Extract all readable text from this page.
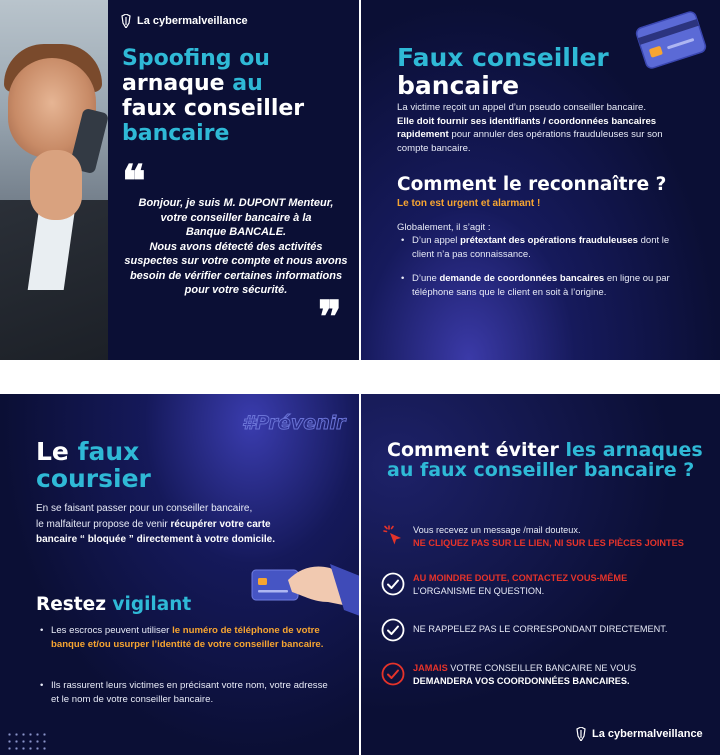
La cybermalveillance
Spoofing ou
arnaque au
faux conseiller
bancaire
❝
Bonjour, je suis M. DUPONT Menteur,
votre conseiller bancaire à la
Banque BANCALE.
Nous avons détecté des activités
suspectes sur votre compte et nous avons
besoin de vérifier certaines informations
pour votre sécurité.
❞
Faux conseiller
bancaire
La victime reçoit un appel d’un pseudo conseiller bancaire.
Elle doit fournir ses identifiants / coordonnées bancaires
rapidement pour annuler des opérations frauduleuses sur son
compte bancaire.
Comment le reconnaître ?
Le ton est urgent et alarmant !
Globalement, il s’agit :
• D’un appel prétextant des opérations frauduleuses dont le client n’a pas connaissance.
• D’une demande de coordonnées bancaires en ligne ou par téléphone sans que le client en soit à l’origine.
#Prévenir
Le faux
coursier
En se faisant passer pour un conseiller bancaire,
le malfaiteur propose de venir récupérer votre carte
bancaire “ bloquée ” directement à votre domicile.
Restez vigilant
• Les escrocs peuvent utiliser le numéro de téléphone de votre banque et/ou usurper l’identité de votre conseiller bancaire.
• Ils rassurent leurs victimes en précisant votre nom, votre adresse et le nom de votre conseiller bancaire.
Comment éviter les arnaques au faux conseiller bancaire ?
Vous recevez un message /mail douteux.
NE CLIQUEZ PAS SUR LE LIEN, NI SUR LES PIÈCES JOINTES
AU MOINDRE DOUTE, CONTACTEZ VOUS-MÊME
L’ORGANISME EN QUESTION.
NE RAPPELEZ PAS LE CORRESPONDANT DIRECTEMENT.
JAMAIS VOTRE CONSEILLER BANCAIRE NE VOUS
DEMANDERA VOS COORDONNÉES BANCAIRES.
La cybermalveillance
